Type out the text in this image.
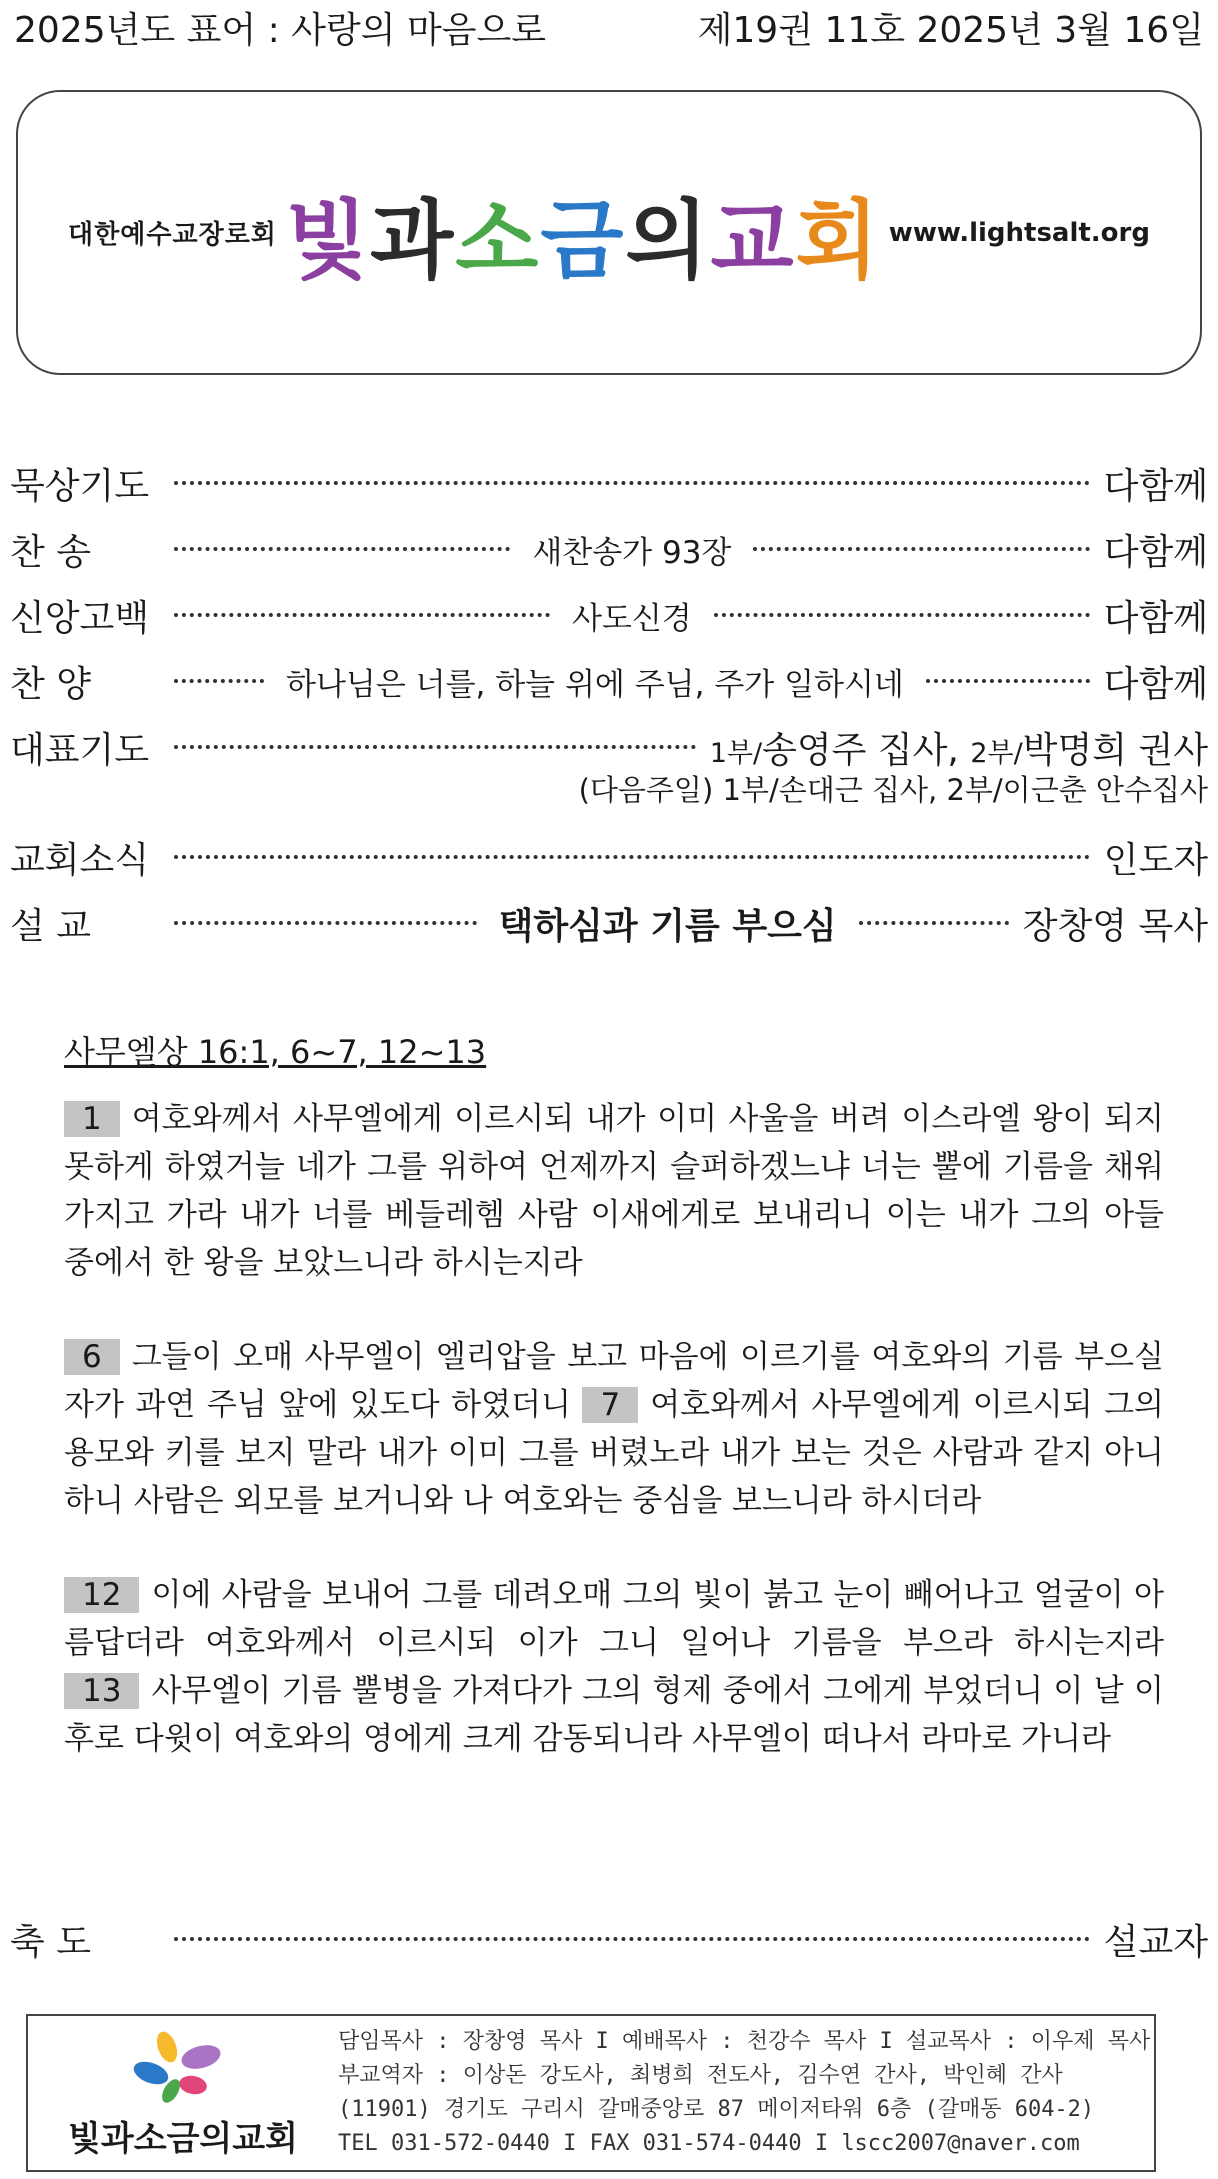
2025년도 표어 : 사랑의 마음으로	제19권 11호 2025년 3월 16일
대한예수교장로회 빛과소금의교회 www.lightsalt.org
묵상기도	다함께
찬 송	새찬송가 93장	다함께
신앙고백	사도신경	다함께
찬 양	하나님은 너를, 하늘 위에 주님, 주가 일하시네	다함께
대표기도	1부/송영주 집사, 2부/박명희 권사
(다음주일) 1부/손대근 집사, 2부/이근춘 안수집사
교회소식	인도자
설 교	택하심과 기름 부으심	장창영 목사
사무엘상 16:1, 6~7, 12~13

1 여호와께서 사무엘에게 이르시되 내가 이미 사울을 버려 이스라엘 왕이 되지 못하게 하였거늘 네가 그를 위하여 언제까지 슬퍼하겠느냐 너는 뿔에 기름을 채워 가지고 가라 내가 너를 베들레헴 사람 이새에게로 보내리니 이는 내가 그의 아들 중에서 한 왕을 보았느니라 하시는지라

6 그들이 오매 사무엘이 엘리압을 보고 마음에 이르기를 여호와의 기름 부으실 자가 과연 주님 앞에 있도다 하였더니 7 여호와께서 사무엘에게 이르시되 그의 용모와 키를 보지 말라 내가 이미 그를 버렸노라 내가 보는 것은 사람과 같지 아니하니 사람은 외모를 보거니와 나 여호와는 중심을 보느니라 하시더라

12 이에 사람을 보내어 그를 데려오매 그의 빛이 붉고 눈이 빼어나고 얼굴이 아름답더라 여호와께서 이르시되 이가 그니 일어나 기름을 부으라 하시는지라 13 사무엘이 기름 뿔병을 가져다가 그의 형제 중에서 그에게 부었더니 이 날 이후로 다윗이 여호와의 영에게 크게 감동되니라 사무엘이 떠나서 라마로 가니라

축 도	설교자
빛과소금의교회
담임목사 : 장창영 목사 I 예배목사 : 천강수 목사 I 설교목사 : 이우제 목사
부교역자 : 이상돈 강도사, 최병희 전도사, 김수연 간사, 박인혜 간사
(11901) 경기도 구리시 갈매중앙로 87 메이저타워 6층 (갈매동 604-2)
TEL 031-572-0440 I FAX 031-574-0440 I lscc2007@naver.com
